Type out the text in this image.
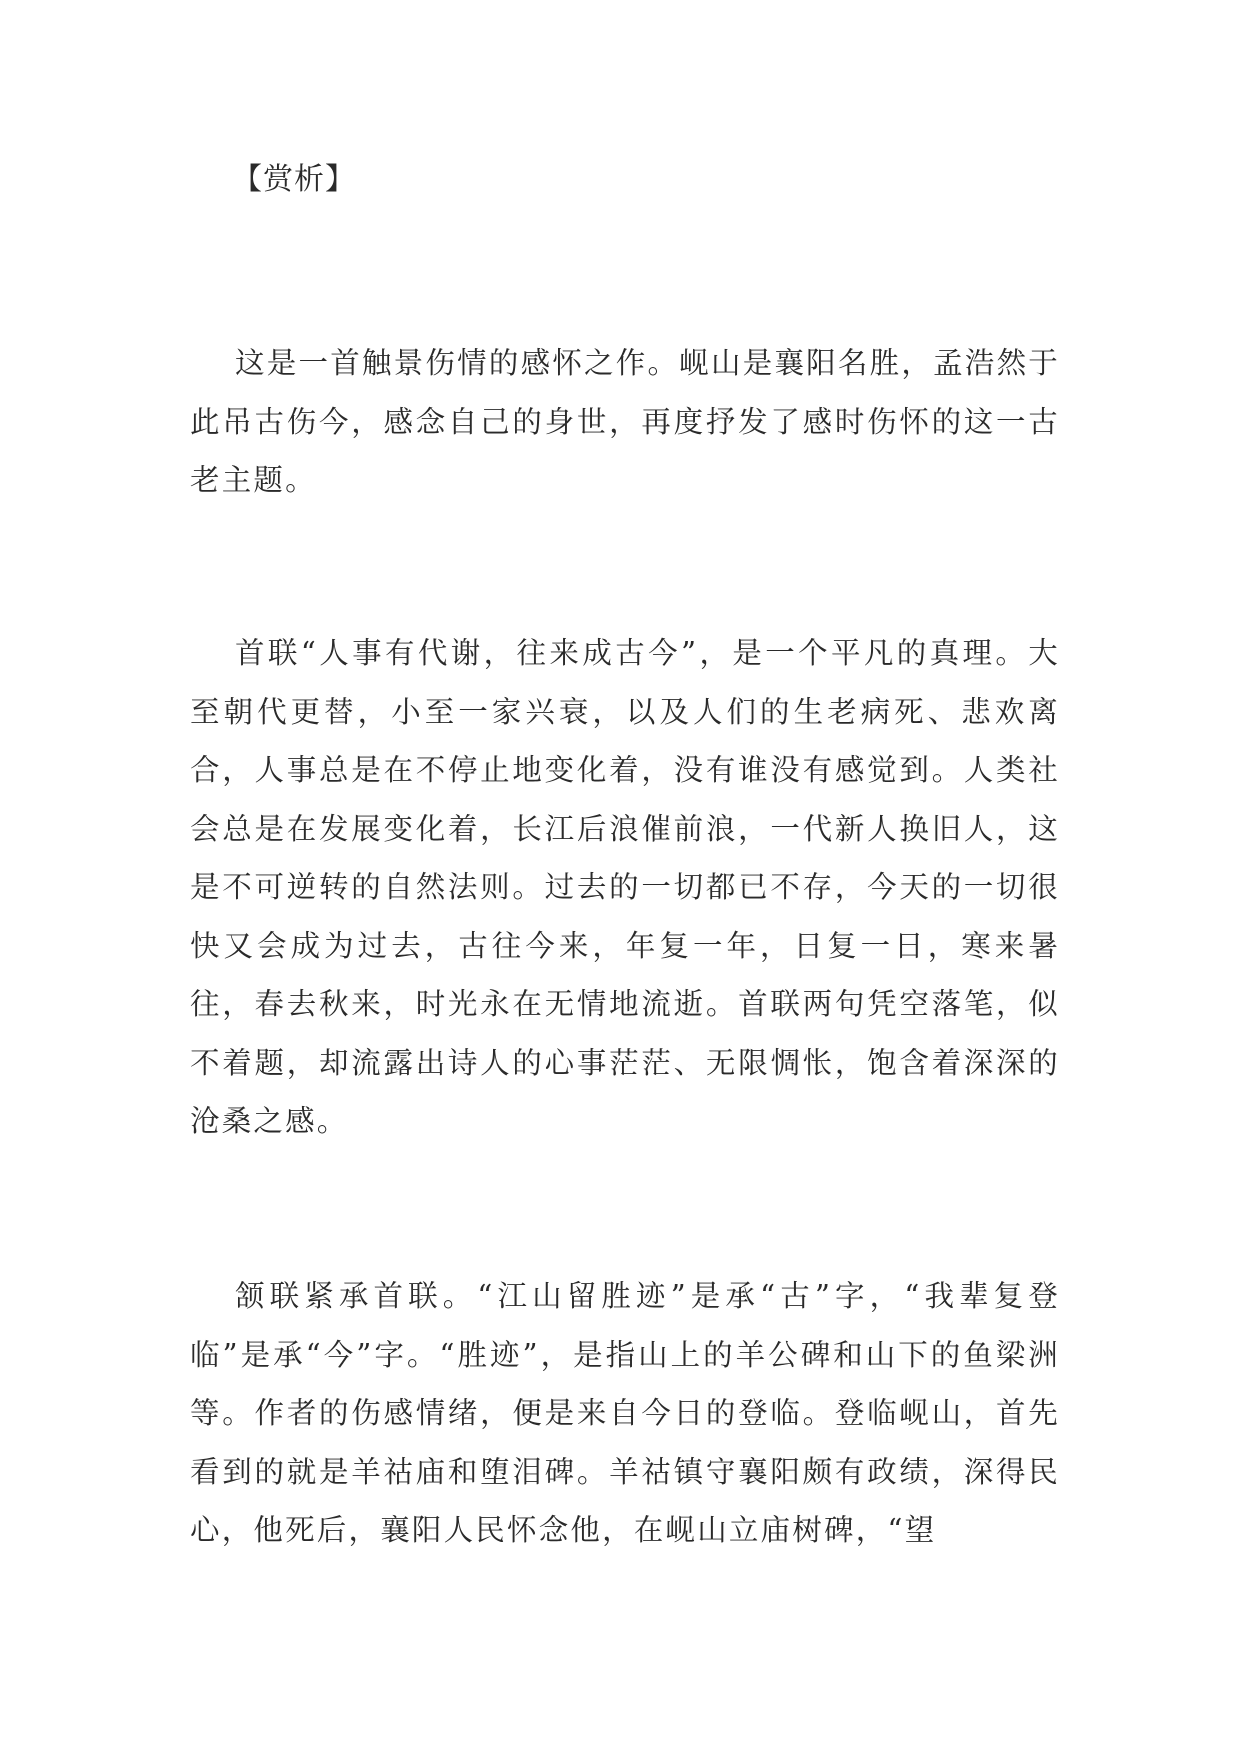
【赏析】

这是一首触景伤情的感怀之作。岘山是襄阳名胜，孟浩然于此吊古伤今，感念自己的身世，再度抒发了感时伤怀的这一古老主题。

首联“人事有代谢，往来成古今”，是一个平凡的真理。大至朝代更替，小至一家兴衰，以及人们的生老病死、悲欢离合，人事总是在不停止地变化着，没有谁没有感觉到。人类社会总是在发展变化着，长江后浪催前浪，一代新人换旧人，这是不可逆转的自然法则。过去的一切都已不存，今天的一切很快又会成为过去，古往今来，年复一年，日复一日，寒来暑往，春去秋来，时光永在无情地流逝。首联两句凭空落笔，似不着题，却流露出诗人的心事茫茫、无限惆怅，饱含着深深的沧桑之感。

颔联紧承首联。“江山留胜迹”是承“古”字，“我辈复登临”是承“今”字。“胜迹”，是指山上的羊公碑和山下的鱼梁洲等。作者的伤感情绪，便是来自今日的登临。登临岘山，首先看到的就是羊祜庙和堕泪碑。羊祜镇守襄阳颇有政绩，深得民心，他死后，襄阳人民怀念他，在岘山立庙树碑，“望
